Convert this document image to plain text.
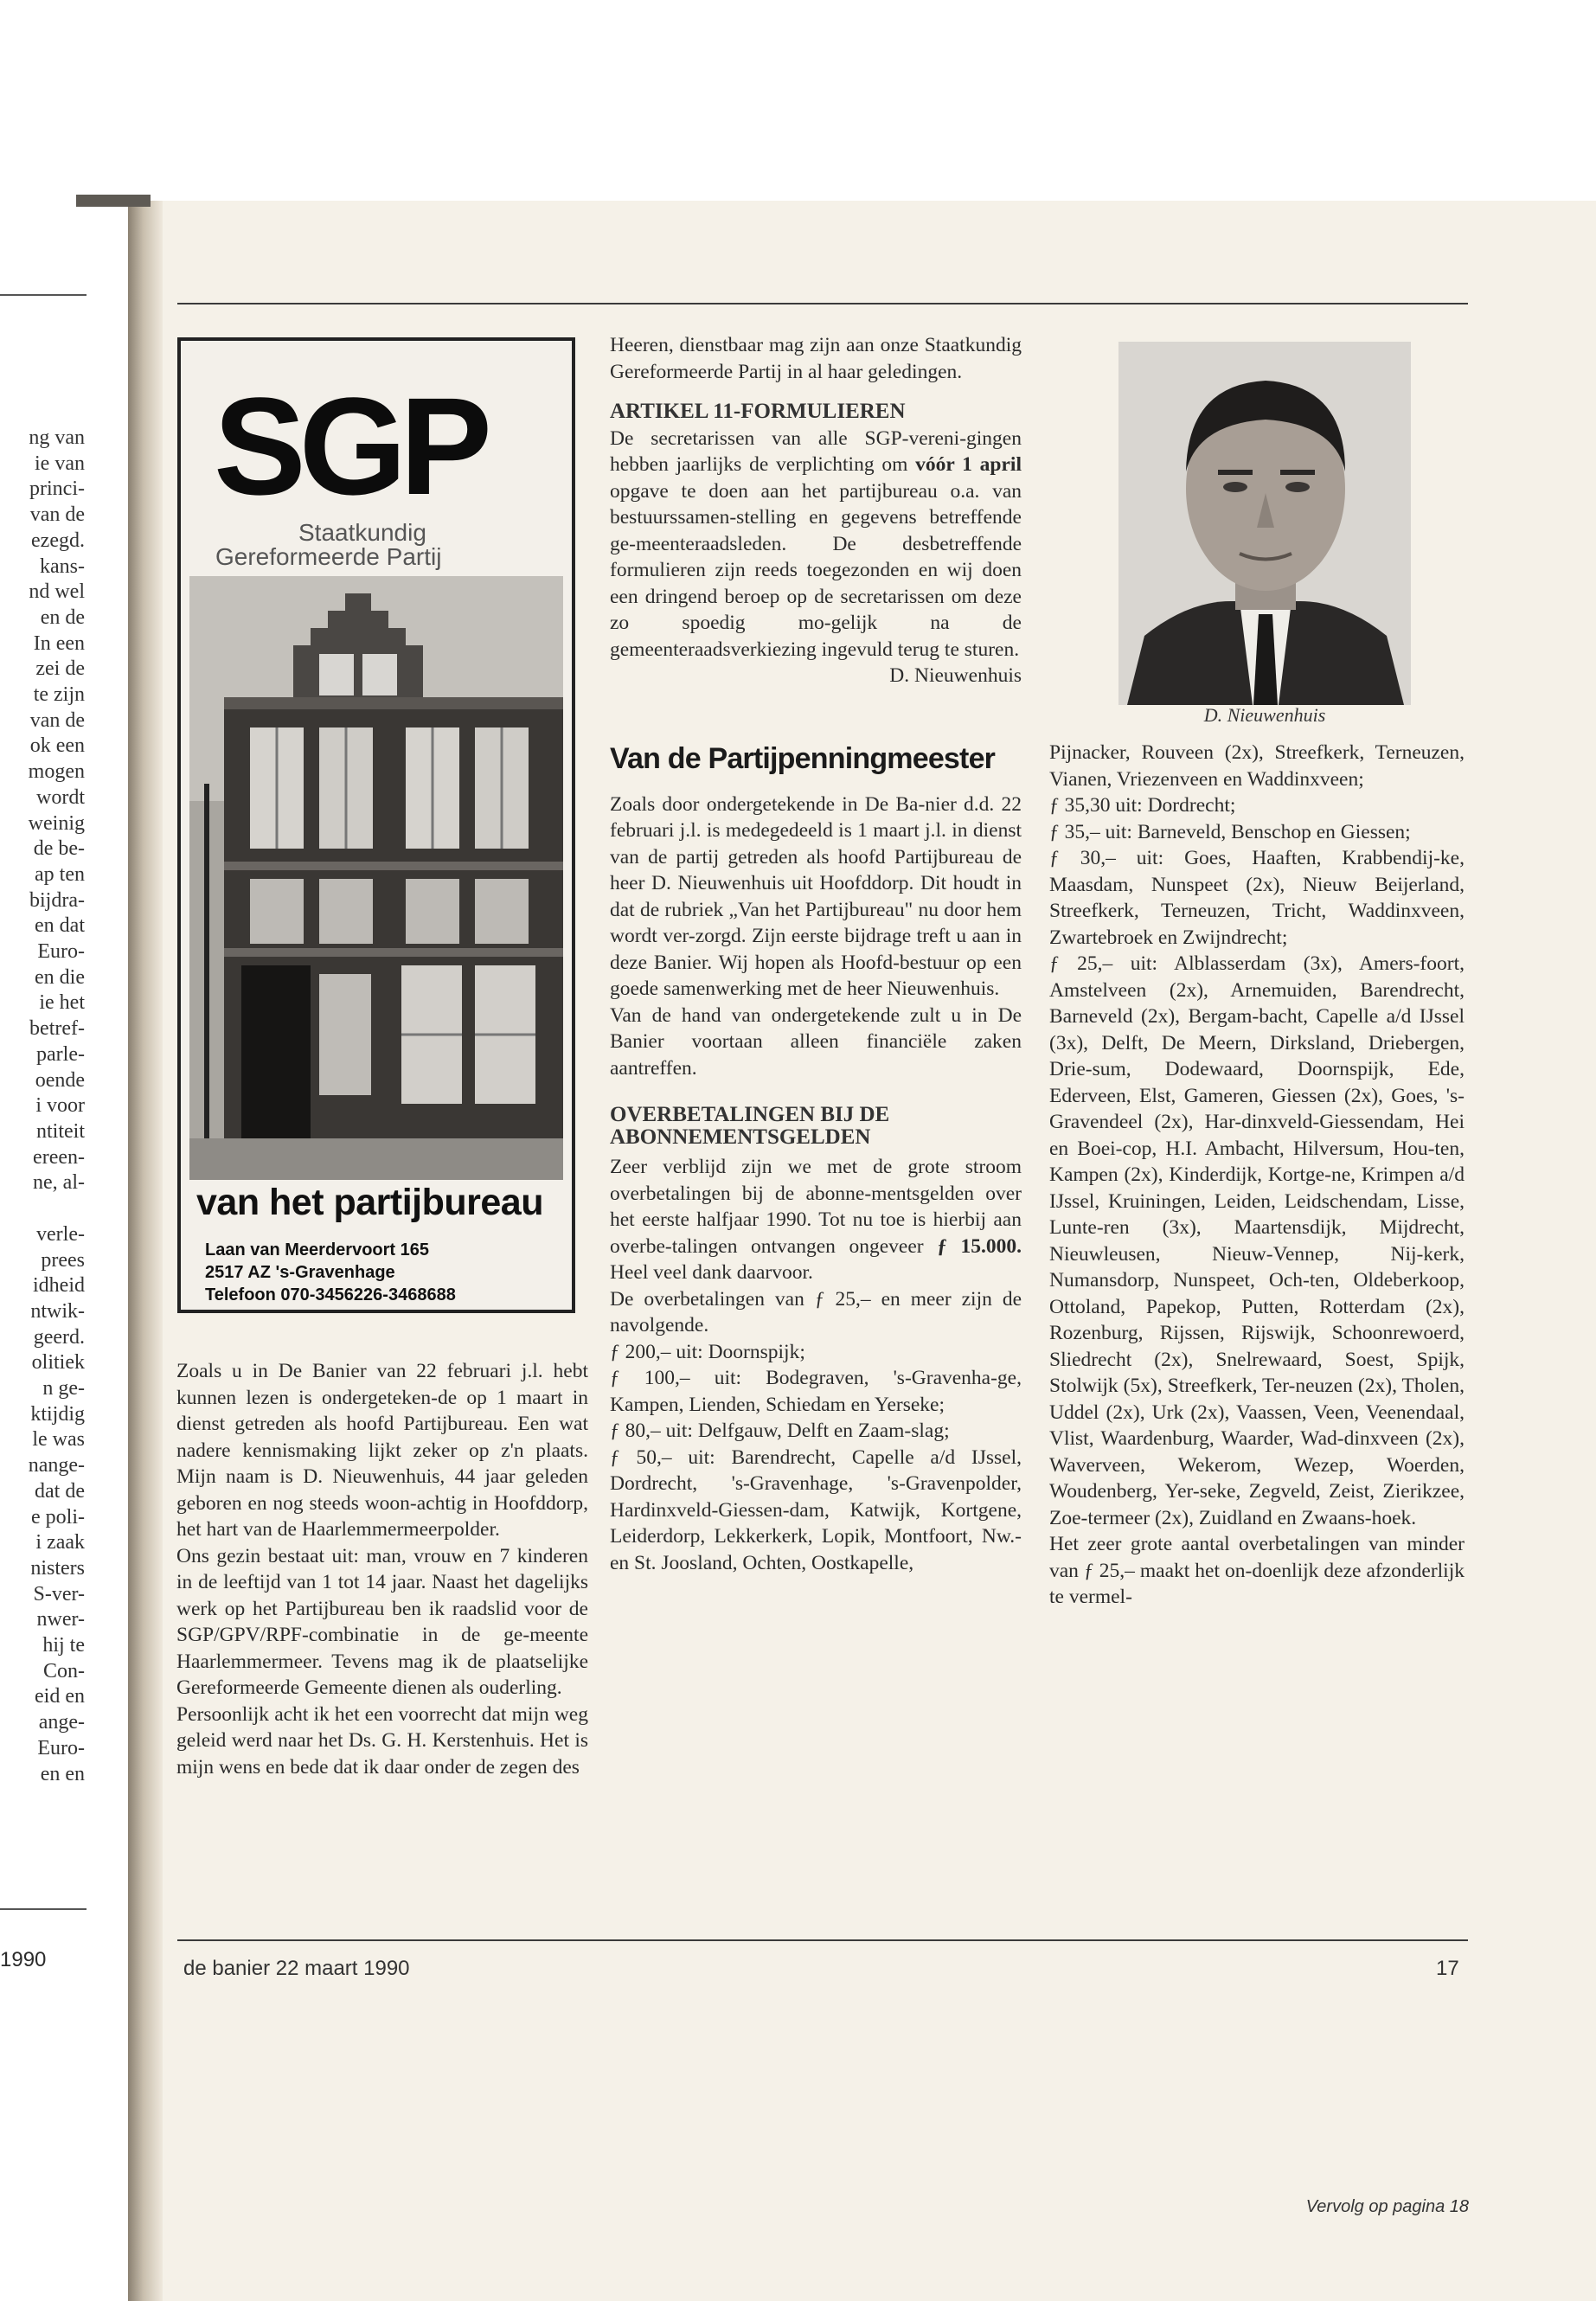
ng van
ie van
princi-
van de
ezegd.
kans-
nd wel
en de
In een
zei de
te zijn
van de
ok een
mogen
wordt
weinig
de be-
ap ten
bijdra-
en dat
Euro-
en die
ie het
betref-
parle-
oende
i voor
ntiteit
ereen-
ne, al-

verle-
prees
idheid
ntwik-
geerd.
olitiek
n ge-
ktijdig
le was
nange-
dat de
e poli-
i zaak
nisters
S-ver-
nwer-
hij te
Con-
eid en
ange-
Euro-
en en
1990
SGP
Staatkundig
Gereformeerde Partij
van het partijbureau
Laan van Meerdervoort 165
2517 AZ 's-Gravenhage
Telefoon 070-3456226-3468688

Zoals u in De Banier van 22 februari j.l. hebt kunnen lezen is ondergeteken-de op 1 maart in dienst getreden als hoofd Partijbureau. Een wat nadere kennismaking lijkt zeker op z'n plaats. Mijn naam is D. Nieuwenhuis, 44 jaar geleden geboren en nog steeds woon-achtig in Hoofddorp, het hart van de Haarlemmermeerpolder.

Ons gezin bestaat uit: man, vrouw en 7 kinderen in de leeftijd van 1 tot 14 jaar. Naast het dagelijks werk op het Partijbureau ben ik raadslid voor de SGP/GPV/RPF-combinatie in de ge-meente Haarlemmermeer. Tevens mag ik de plaatselijke Gereformeerde Gemeente dienen als ouderling.

Persoonlijk acht ik het een voorrecht dat mijn weg geleid werd naar het Ds. G. H. Kerstenhuis. Het is mijn wens en bede dat ik daar onder de zegen des

Heeren, dienstbaar mag zijn aan onze Staatkundig Gereformeerde Partij in al haar geledingen.

ARTIKEL 11-FORMULIEREN

De secretarissen van alle SGP-vereni-gingen hebben jaarlijks de verplichting om vóór 1 april opgave te doen aan het partijbureau o.a. van bestuurssamen-stelling en gegevens betreffende ge-meenteraadsleden. De desbetreffende formulieren zijn reeds toegezonden en wij doen een dringend beroep op de secretarissen om deze zo spoedig mo-gelijk na de gemeenteraadsverkiezing ingevuld terug te sturen.

D. Nieuwenhuis

Van de Partijpenningmeester

Zoals door ondergetekende in De Ba-nier d.d. 22 februari j.l. is medegedeeld is 1 maart j.l. in dienst van de partij getreden als hoofd Partijbureau de heer D. Nieuwenhuis uit Hoofddorp. Dit houdt in dat de rubriek „Van het Partijbureau" nu door hem wordt ver-zorgd. Zijn eerste bijdrage treft u aan in deze Banier. Wij hopen als Hoofd-bestuur op een goede samenwerking met de heer Nieuwenhuis.

Van de hand van ondergetekende zult u in De Banier voortaan alleen financiële zaken aantreffen.

OVERBETALINGEN BIJ DE ABONNEMENTSGELDEN

Zeer verblijd zijn we met de grote stroom overbetalingen bij de abonne-mentsgelden over het eerste halfjaar 1990. Tot nu toe is hierbij aan overbe-talingen ontvangen ongeveer ƒ 15.000. Heel veel dank daarvoor.

De overbetalingen van ƒ 25,– en meer zijn de navolgende.

ƒ 200,– uit: Doornspijk;

ƒ 100,– uit: Bodegraven, 's-Gravenha-ge, Kampen, Lienden, Schiedam en Yerseke;

ƒ 80,– uit: Delfgauw, Delft en Zaam-slag;

ƒ 50,– uit: Barendrecht, Capelle a/d IJssel, Dordrecht, 's-Gravenhage, 's-Gravenpolder, Hardinxveld-Giessen-dam, Katwijk, Kortgene, Leiderdorp, Lekkerkerk, Lopik, Montfoort, Nw.-en St. Joosland, Ochten, Oostkapelle,

D. Nieuwenhuis

Pijnacker, Rouveen (2x), Streefkerk, Terneuzen, Vianen, Vriezenveen en Waddinxveen;

ƒ 35,30 uit: Dordrecht;

ƒ 35,– uit: Barneveld, Benschop en Giessen;

ƒ 30,– uit: Goes, Haaften, Krabbendij-ke, Maasdam, Nunspeet (2x), Nieuw Beijerland, Streefkerk, Terneuzen, Tricht, Waddinxveen, Zwartebroek en Zwijndrecht;

ƒ 25,– uit: Alblasserdam (3x), Amers-foort, Amstelveen (2x), Arnemuiden, Barendrecht, Barneveld (2x), Bergam-bacht, Capelle a/d IJssel (3x), Delft, De Meern, Dirksland, Driebergen, Drie-sum, Dodewaard, Doornspijk, Ede, Ederveen, Elst, Gameren, Giessen (2x), Goes, 's-Gravendeel (2x), Har-dinxveld-Giessendam, Hei en Boei-cop, H.I. Ambacht, Hilversum, Hou-ten, Kampen (2x), Kinderdijk, Kortge-ne, Krimpen a/d IJssel, Kruiningen, Leiden, Leidschendam, Lisse, Lunte-ren (3x), Maartensdijk, Mijdrecht, Nieuwleusen, Nieuw-Vennep, Nij-kerk, Numansdorp, Nunspeet, Och-ten, Oldeberkoop, Ottoland, Papekop, Putten, Rotterdam (2x), Rozenburg, Rijssen, Rijswijk, Schoonrewoerd, Sliedrecht (2x), Snelrewaard, Soest, Spijk, Stolwijk (5x), Streefkerk, Ter-neuzen (2x), Tholen, Uddel (2x), Urk (2x), Vaassen, Veen, Veenendaal, Vlist, Waardenburg, Waarder, Wad-dinxveen (2x), Waverveen, Wekerom, Wezep, Woerden, Woudenberg, Yer-seke, Zegveld, Zeist, Zierikzee, Zoe-termeer (2x), Zuidland en Zwaans-hoek.

Het zeer grote aantal overbetalingen van minder van ƒ 25,– maakt het on-doenlijk deze afzonderlijk te vermel-

Vervolg op pagina 18
de banier 22 maart 1990	17
